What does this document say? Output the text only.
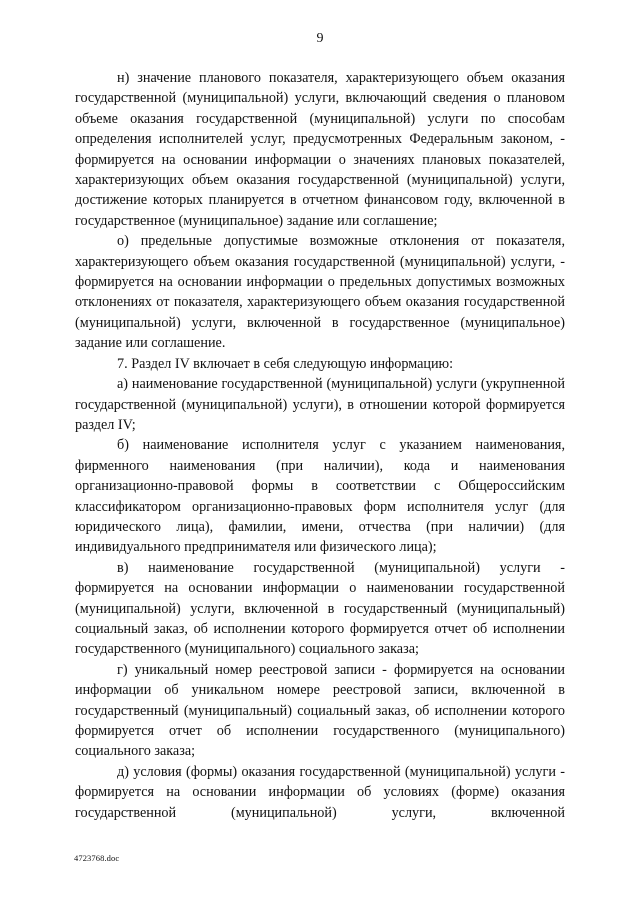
9

н) значение планового показателя, характеризующего объем оказания государственной (муниципальной) услуги, включающий сведения о плановом объеме оказания государственной (муниципальной) услуги по способам определения исполнителей услуг, предусмотренных Федеральным законом, - формируется на основании информации о значениях плановых показателей, характеризующих объем оказания государственной (муниципальной) услуги, достижение которых планируется в отчетном финансовом году, включенной в государственное (муниципальное) задание или соглашение;

о) предельные допустимые возможные отклонения от показателя, характеризующего объем оказания государственной (муниципальной) услуги, - формируется на основании информации о предельных допустимых возможных отклонениях от показателя, характеризующего объем оказания государственной (муниципальной) услуги, включенной в государственное (муниципальное) задание или соглашение.

7. Раздел IV включает в себя следующую информацию:

а) наименование государственной (муниципальной) услуги (укрупненной государственной (муниципальной) услуги), в отношении которой формируется раздел IV;

б) наименование исполнителя услуг с указанием наименования, фирменного наименования (при наличии), кода и наименования организационно-правовой формы в соответствии с Общероссийским классификатором организационно-правовых форм исполнителя услуг (для юридического лица), фамилии, имени, отчества (при наличии) (для индивидуального предпринимателя или физического лица);

в) наименование государственной (муниципальной) услуги - формируется на основании информации о наименовании государственной (муниципальной) услуги, включенной в государственный (муниципальный) социальный заказ, об исполнении которого формируется отчет об исполнении государственного (муниципального) социального заказа;

г) уникальный номер реестровой записи - формируется на основании информации об уникальном номере реестровой записи, включенной в государственный (муниципальный) социальный заказ, об исполнении которого формируется отчет об исполнении государственного (муниципального) социального заказа;

д) условия (формы) оказания государственной (муниципальной) услуги - формируется на основании информации об условиях (форме) оказания государственной (муниципальной) услуги, включенной

4723768.doc
